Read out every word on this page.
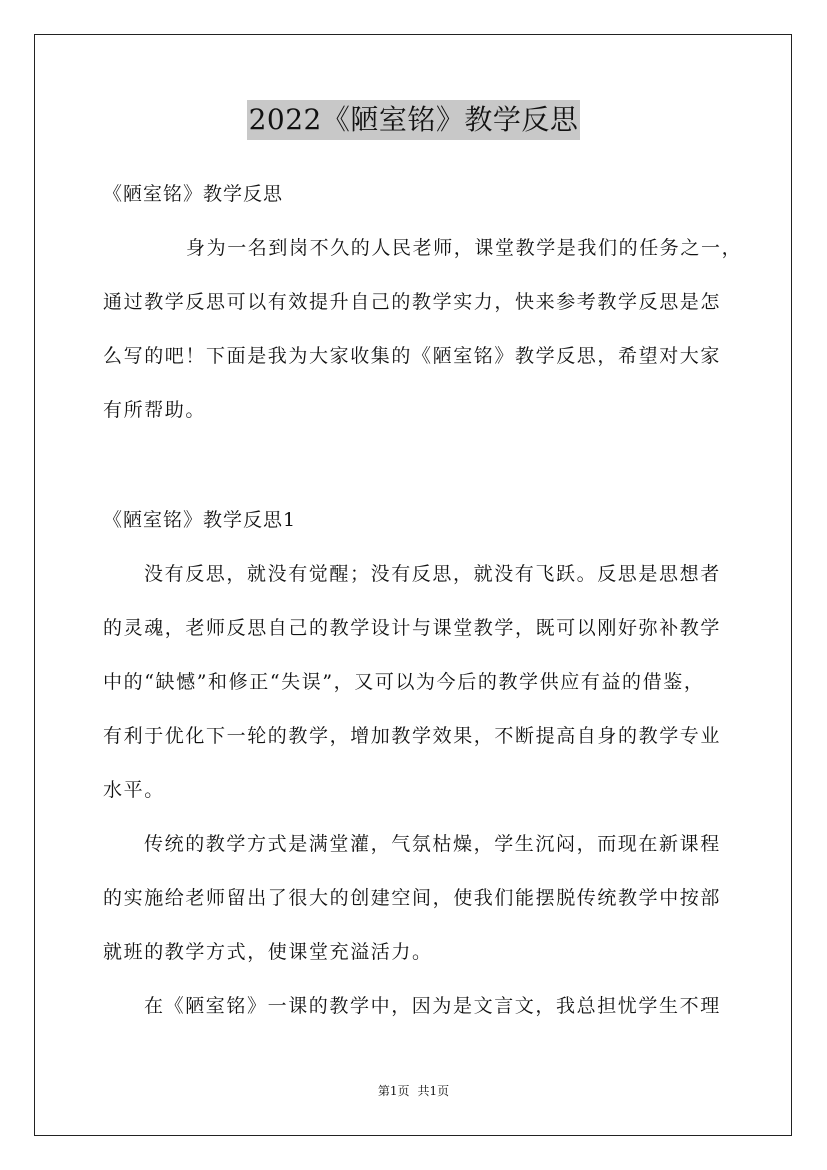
2022《陋室铭》教学反思
《陋室铭》教学反思
身为一名到岗不久的人民老师，课堂教学是我们的任务之一，
通过教学反思可以有效提升自己的教学实力，快来参考教学反思是怎
么写的吧！下面是我为大家收集的《陋室铭》教学反思，希望对大家
有所帮助。
《陋室铭》教学反思1
没有反思，就没有觉醒；没有反思，就没有飞跃。反思是思想者
的灵魂，老师反思自己的教学设计与课堂教学，既可以刚好弥补教学
中的“缺憾”和修正“失误”，又可以为今后的教学供应有益的借鉴，
有利于优化下一轮的教学，增加教学效果，不断提高自身的教学专业
水平。
传统的教学方式是满堂灌，气氛枯燥，学生沉闷，而现在新课程
的实施给老师留出了很大的创建空间，使我们能摆脱传统教学中按部
就班的教学方式，使课堂充溢活力。
在《陋室铭》一课的教学中，因为是文言文，我总担忧学生不理
第1页 共1页
